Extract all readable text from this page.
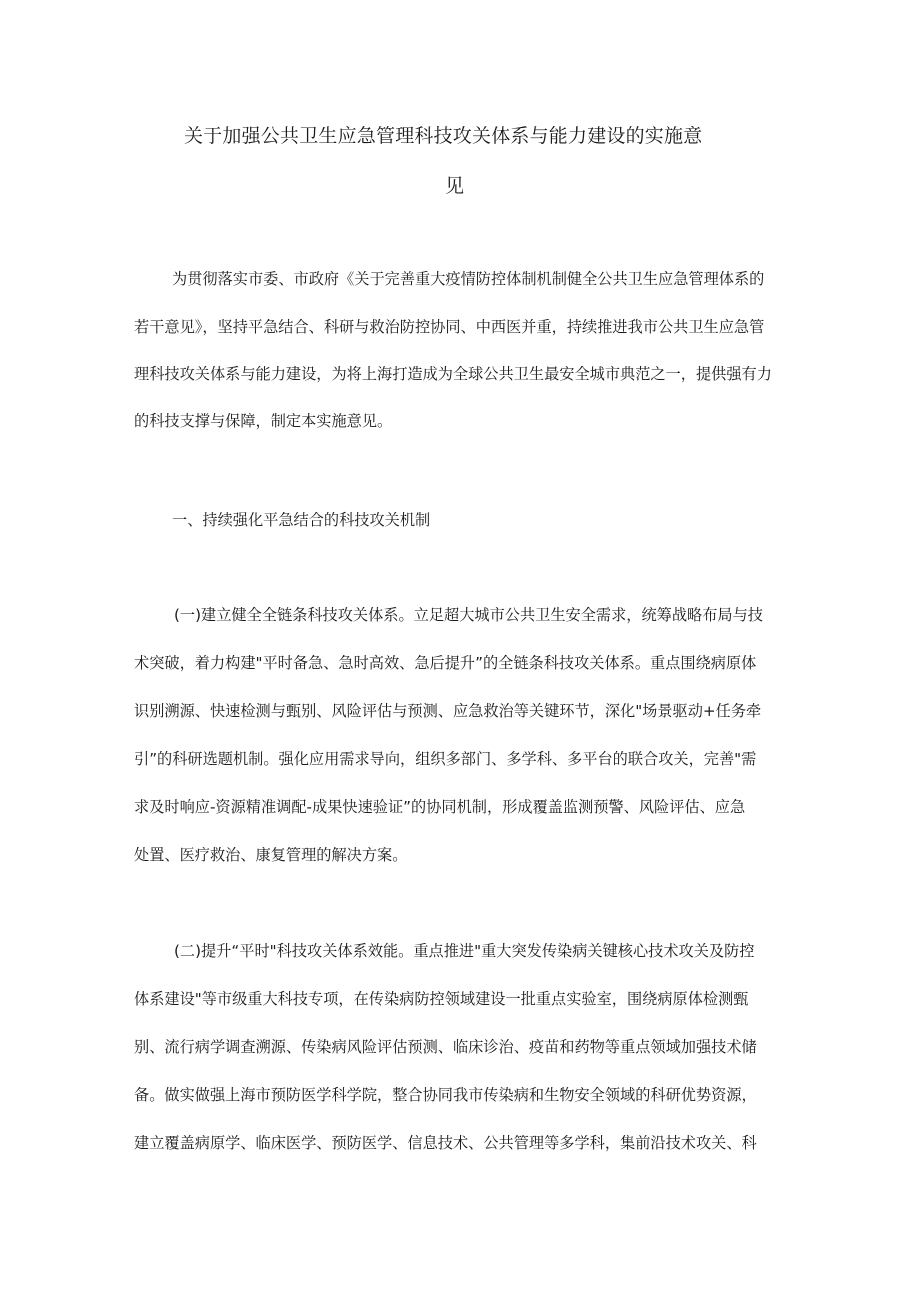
关于加强公共卫生应急管理科技攻关体系与能力建设的实施意
见
为贯彻落实市委、市政府《关于完善重大疫情防控体制机制健全公共卫生应急管理体系的
若干意见》，坚持平急结合、科研与救治防控协同、中西医并重，持续推进我市公共卫生应急管
理科技攻关体系与能力建设，为将上海打造成为全球公共卫生最安全城市典范之一，提供强有力
的科技支撑与保障，制定本实施意见。
一、持续强化平急结合的科技攻关机制
(一)建立健全全链条科技攻关体系。立足超大城市公共卫生安全需求，统筹战略布局与技
术突破，着力构建"平时备急、急时高效、急后提升”的全链条科技攻关体系。重点围绕病原体
识别溯源、快速检测与甄别、风险评估与预测、应急救治等关键环节，深化"场景驱动+任务牵
引”的科研选题机制。强化应用需求导向，组织多部门、多学科、多平台的联合攻关，完善"需
求及时响应-资源精准调配-成果快速验证”的协同机制，形成覆盖监测预警、风险评估、应急
处置、医疗救治、康复管理的解决方案。
(二)提升“平时"科技攻关体系效能。重点推进"重大突发传染病关键核心技术攻关及防控
体系建设"等市级重大科技专项，在传染病防控领域建设一批重点实验室，围绕病原体检测甄
别、流行病学调查溯源、传染病风险评估预测、临床诊治、疫苗和药物等重点领域加强技术储
备。做实做强上海市预防医学科学院，整合协同我市传染病和生物安全领域的科研优势资源，
建立覆盖病原学、临床医学、预防医学、信息技术、公共管理等多学科，集前沿技术攻关、科
